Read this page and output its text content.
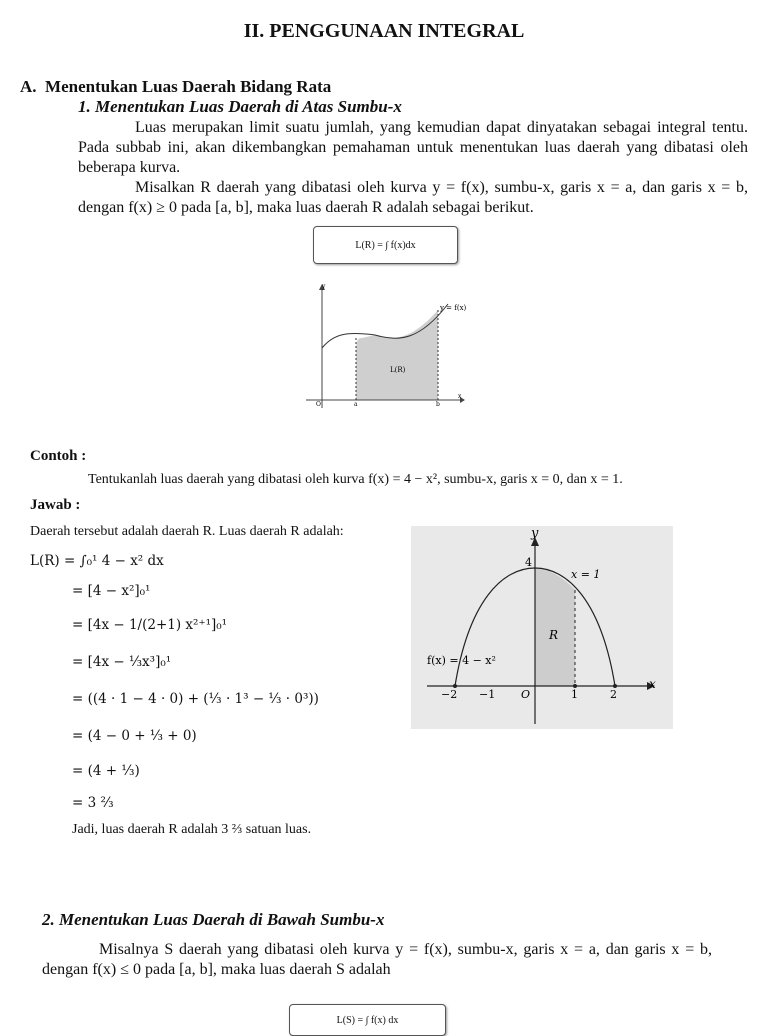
II. PENGGUNAAN INTEGRAL
A.  Menentukan Luas Daerah Bidang Rata
1. Menentukan Luas Daerah di Atas Sumbu-x
Luas merupakan limit suatu jumlah, yang kemudian dapat dinyatakan sebagai integral tentu. Pada subbab ini, akan dikembangkan pemahaman untuk menentukan luas daerah yang dibatasi oleh beberapa kurva.
Misalkan R daerah yang dibatasi oleh kurva y = f(x), sumbu-x, garis x = a, dan garis x = b, dengan f(x) ≥ 0 pada [a, b], maka luas daerah R adalah sebagai berikut.
L(R) = ∫ f(x)dx
y = f(x)
L(R)
y
x
O	a	b
Contoh :
Tentukanlah luas daerah yang dibatasi oleh kurva f(x) = 4 − x², sumbu-x, garis x = 0, dan x = 1.
Jawab :
Daerah tersebut adalah daerah R. Luas daerah R adalah:
L(R) = ∫₀¹ 4 − x² dx
= [4 − x²]₀¹
= [4x − 1/(2+1) x²⁺¹]₀¹
= [4x − ⅓x³]₀¹
= ((4 · 1 − 4 · 0) + (⅓ · 1³ − ⅓ · 0³))
= (4 − 0 + ⅓ + 0)
= (4 + ⅓)
= 3 ⅔
Jadi, luas daerah R adalah 3 ⅔ satuan luas.
y
x
x = 1
R
f(x) = 4 − x²
4
−2 −1 O	1	2
2. Menentukan Luas Daerah di Bawah Sumbu-x
Misalnya S daerah yang dibatasi oleh kurva y = f(x), sumbu-x, garis x = a, dan garis x = b, dengan f(x) ≤ 0 pada [a, b], maka luas daerah S adalah
L(S) = ∫ f(x) dx
